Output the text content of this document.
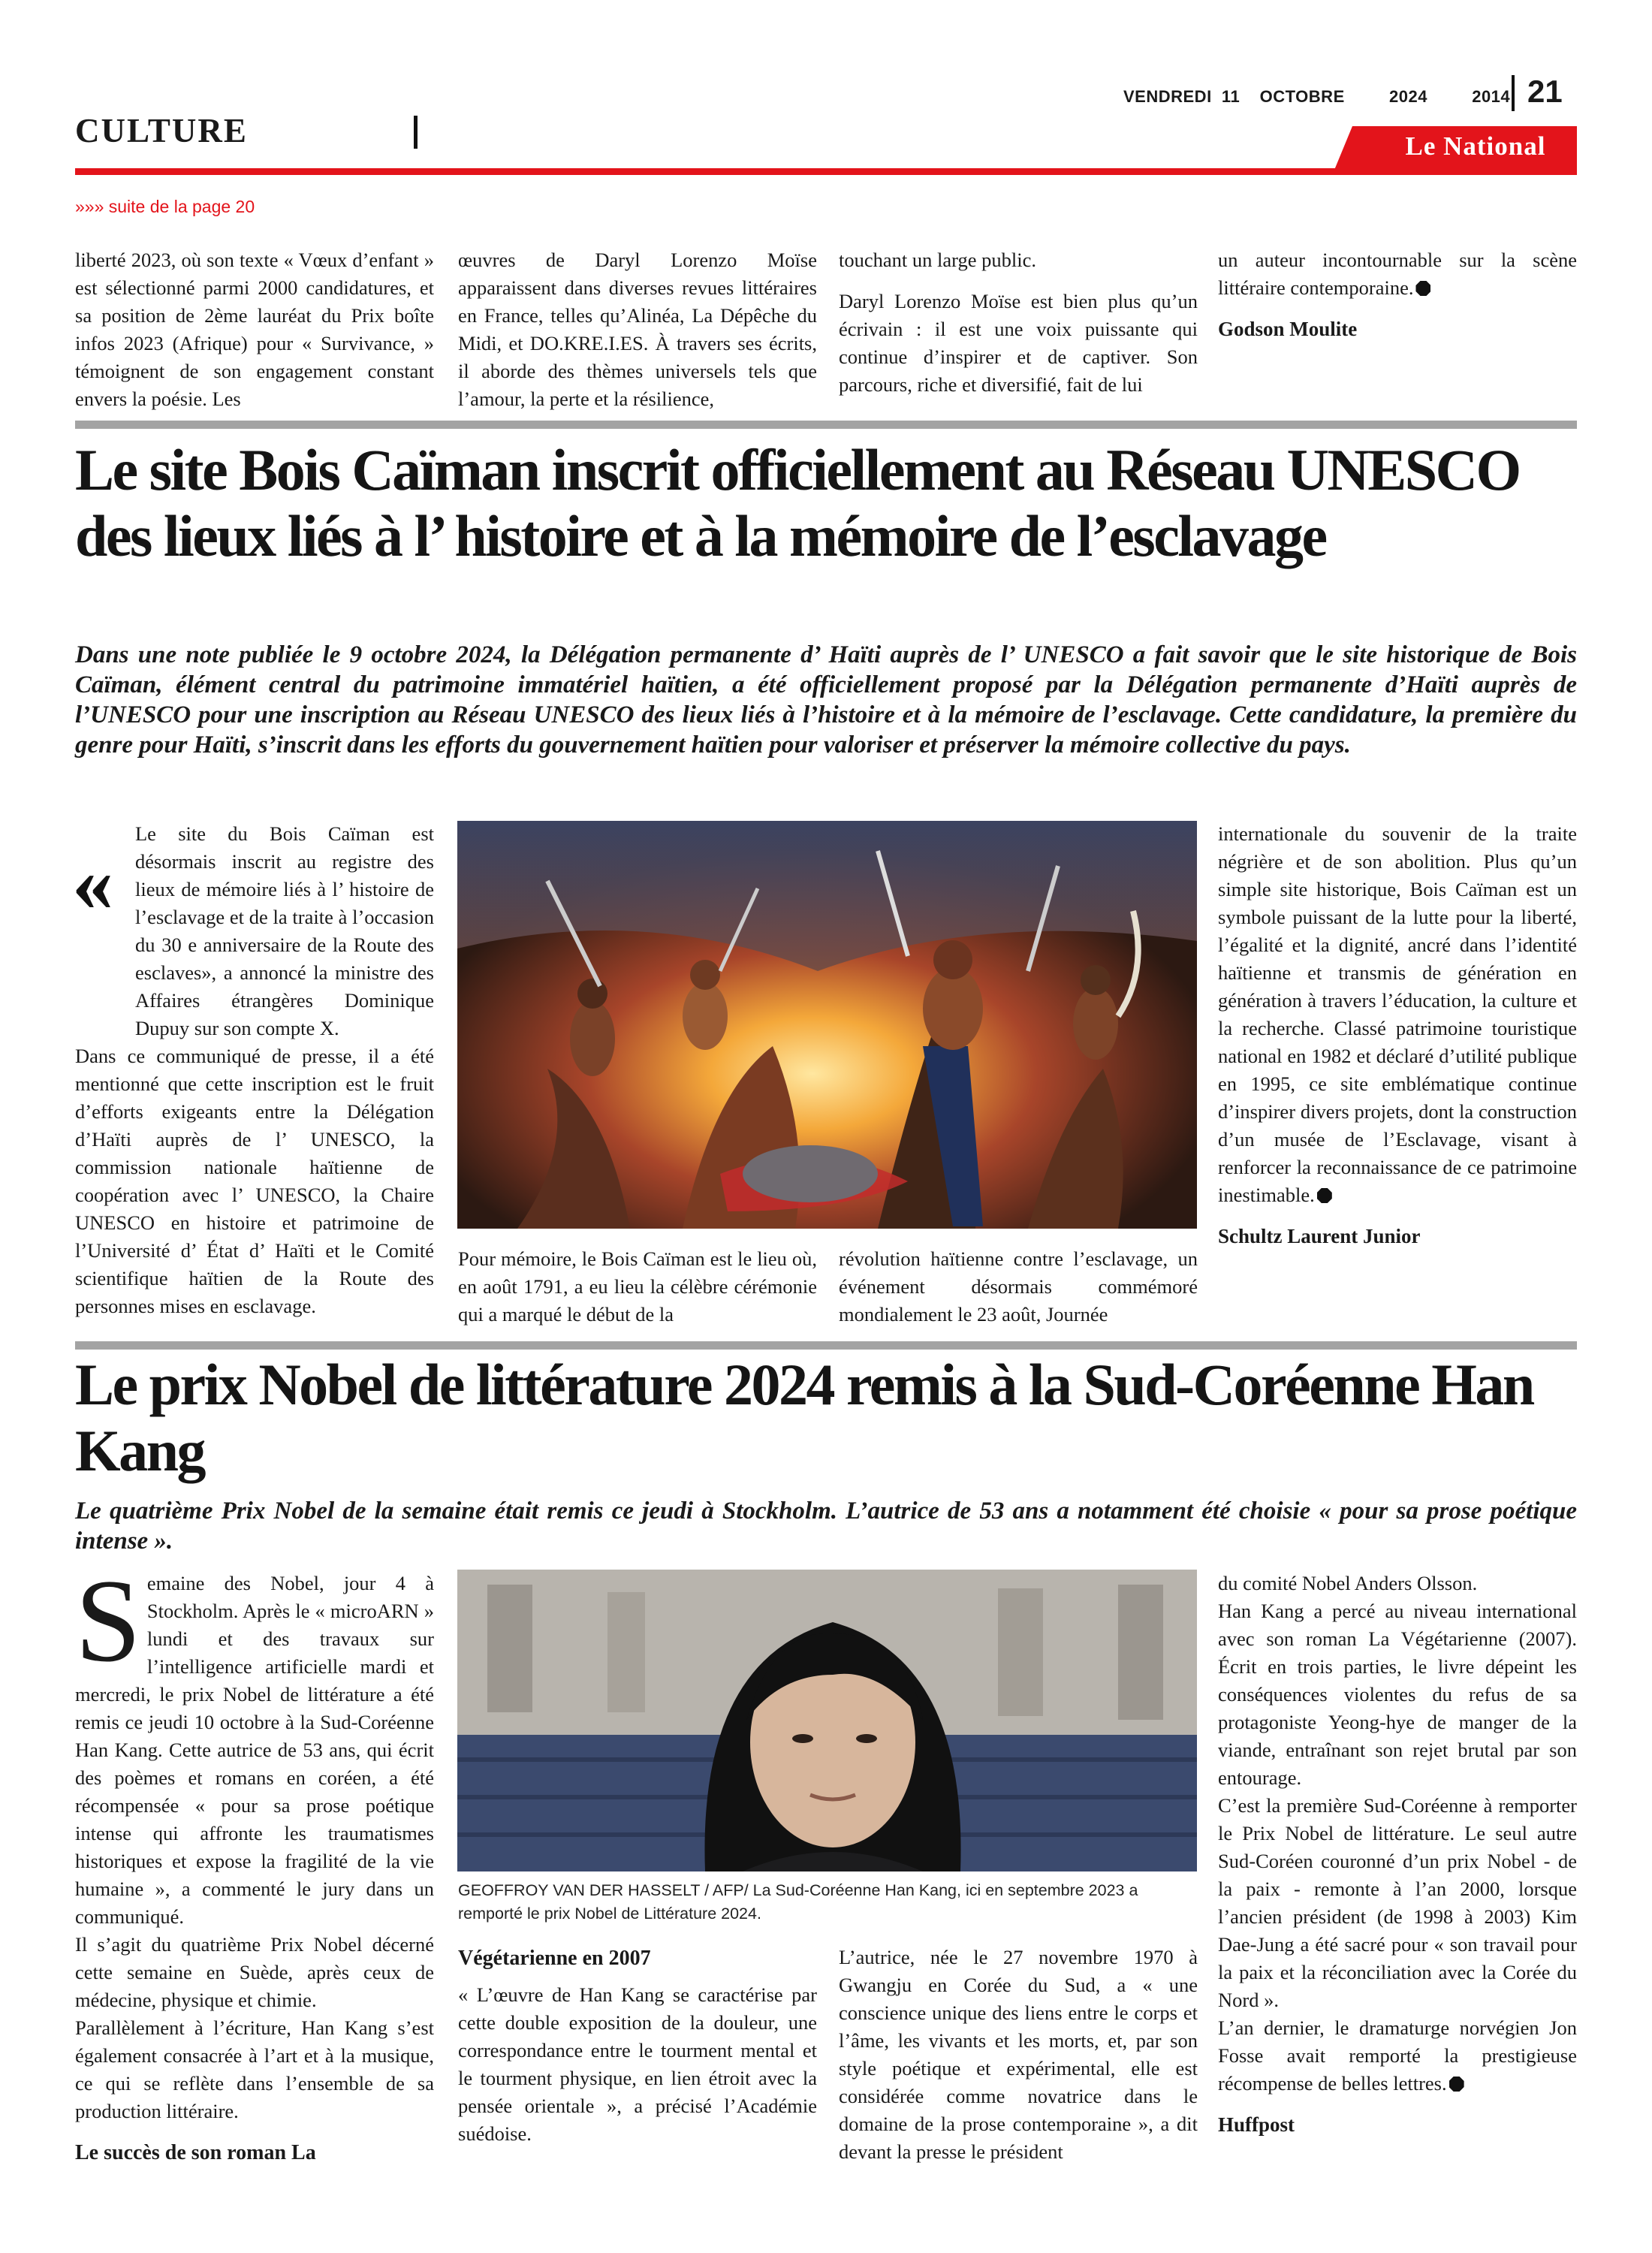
CULTURE
VENDREDI 11 OCTOBRE	2024	2014 21
Le National
»»» suite de la page 20

liberté 2023, où son texte « Vœux d’enfant » est sélectionné parmi 2000 candidatures, et sa position de 2ème lauréat du Prix boîte infos 2023 (Afrique) pour « Survivance, » témoignent de son engagement constant envers la poésie. Les

œuvres de Daryl Lorenzo Moïse apparaissent dans diverses revues littéraires en France, telles qu’Alinéa, La Dépêche du Midi, et DO.KRE.I.ES. À travers ses écrits, il aborde des thèmes universels tels que l’amour, la perte et la résilience,

touchant un large public.

Daryl Lorenzo Moïse est bien plus qu’un écrivain : il est une voix puissante qui continue d’inspirer et de captiver. Son parcours, riche et diversifié, fait de lui

un auteur incontournable sur la scène littéraire contemporaine.

Godson Moulite

Le site Bois Caïman inscrit officiellement au Réseau UNESCO des lieux liés à l’ histoire et à la mémoire de l’esclavage
Dans une note publiée le 9 octobre 2024, la Délégation permanente d’ Haïti auprès de l’ UNESCO a fait savoir que le site historique de Bois Caïman, élément central du patrimoine immatériel haïtien, a été officiellement proposé par la Délégation permanente d’Haïti auprès de l’UNESCO pour une inscription au Réseau UNESCO des lieux liés à l’histoire et à la mémoire de l’esclavage. Cette candidature, la première du genre pour Haïti, s’inscrit dans les efforts du gouvernement haïtien pour valoriser et préserver la mémoire collective du pays.
«

Le site du Bois Caïman est désormais inscrit au registre des lieux de mémoire liés à l’ histoire de l’esclavage et de la traite à l’occasion du 30 e anniversaire de la Route des esclaves», a annoncé la ministre des Affaires étrangères Dominique Dupuy sur son compte X.

Dans ce communiqué de presse, il a été mentionné que cette inscription est le fruit d’efforts exigeants entre la Délégation d’Haïti auprès de l’ UNESCO, la commission nationale haïtienne de coopération avec l’ UNESCO, la Chaire UNESCO en histoire et patrimoine de l’Université d’ État d’ Haïti et le Comité scientifique haïtien de la Route des personnes mises en esclavage.

Pour mémoire, le Bois Caïman est le lieu où, en août 1791, a eu lieu la célèbre cérémonie qui a marqué le début de la

révolution haïtienne contre l’esclavage, un événement désormais commémoré mondialement le 23 août, Journée

internationale du souvenir de la traite négrière et de son abolition. Plus qu’un simple site historique, Bois Caïman est un symbole puissant de la lutte pour la liberté, l’égalité et la dignité, ancré dans l’identité haïtienne et transmis de génération en génération à travers l’éducation, la culture et la recherche. Classé patrimoine touristique national en 1982 et déclaré d’utilité publique en 1995, ce site emblématique continue d’inspirer divers projets, dont la construction d’un musée de l’Esclavage, visant à renforcer la reconnaissance de ce patrimoine inestimable.

Schultz Laurent Junior

Le prix Nobel de littérature 2024 remis à la Sud-Coréenne Han Kang
Le quatrième Prix Nobel de la semaine était remis ce jeudi à Stockholm. L’autrice de 53 ans a notamment été choisie « pour sa prose poétique intense ».

Semaine des Nobel, jour 4 à Stockholm. Après le « microARN » lundi et des travaux sur l’intelligence artificielle mardi et mercredi, le prix Nobel de littérature a été remis ce jeudi 10 octobre à la Sud-Coréenne Han Kang. Cette autrice de 53 ans, qui écrit des poèmes et romans en coréen, a été récompensée « pour sa prose poétique intense qui affronte les traumatismes historiques et expose la fragilité de la vie humaine », a commenté le jury dans un communiqué.

Il s’agit du quatrième Prix Nobel décerné cette semaine en Suède, après ceux de médecine, physique et chimie.

Parallèlement à l’écriture, Han Kang s’est également consacrée à l’art et à la musique, ce qui se reflète dans l’ensemble de sa production littéraire.

Le succès de son roman La

GEOFFROY VAN DER HASSELT / AFP/ La Sud-Coréenne Han Kang, ici en septembre 2023 a remporté le prix Nobel de Littérature 2024.

Végétarienne en 2007

« L’œuvre de Han Kang se caractérise par cette double exposition de la douleur, une correspondance entre le tourment mental et le tourment physique, en lien étroit avec la pensée orientale », a précisé l’Académie suédoise.

L’autrice, née le 27 novembre 1970 à Gwangju en Corée du Sud, a « une conscience unique des liens entre le corps et l’âme, les vivants et les morts, et, par son style poétique et expérimental, elle est considérée comme novatrice dans le domaine de la prose contemporaine », a dit devant la presse le président

du comité Nobel Anders Olsson.

Han Kang a percé au niveau international avec son roman La Végétarienne (2007). Écrit en trois parties, le livre dépeint les conséquences violentes du refus de sa protagoniste Yeong-hye de manger de la viande, entraînant son rejet brutal par son entourage.

C’est la première Sud-Coréenne à remporter le Prix Nobel de littérature. Le seul autre Sud-Coréen couronné d’un prix Nobel - de la paix - remonte à l’an 2000, lorsque l’ancien président (de 1998 à 2003) Kim Dae-Jung a été sacré pour « son travail pour la paix et la réconciliation avec la Corée du Nord ».

L’an dernier, le dramaturge norvégien Jon Fosse avait remporté la prestigieuse récompense de belles lettres.

Huffpost
